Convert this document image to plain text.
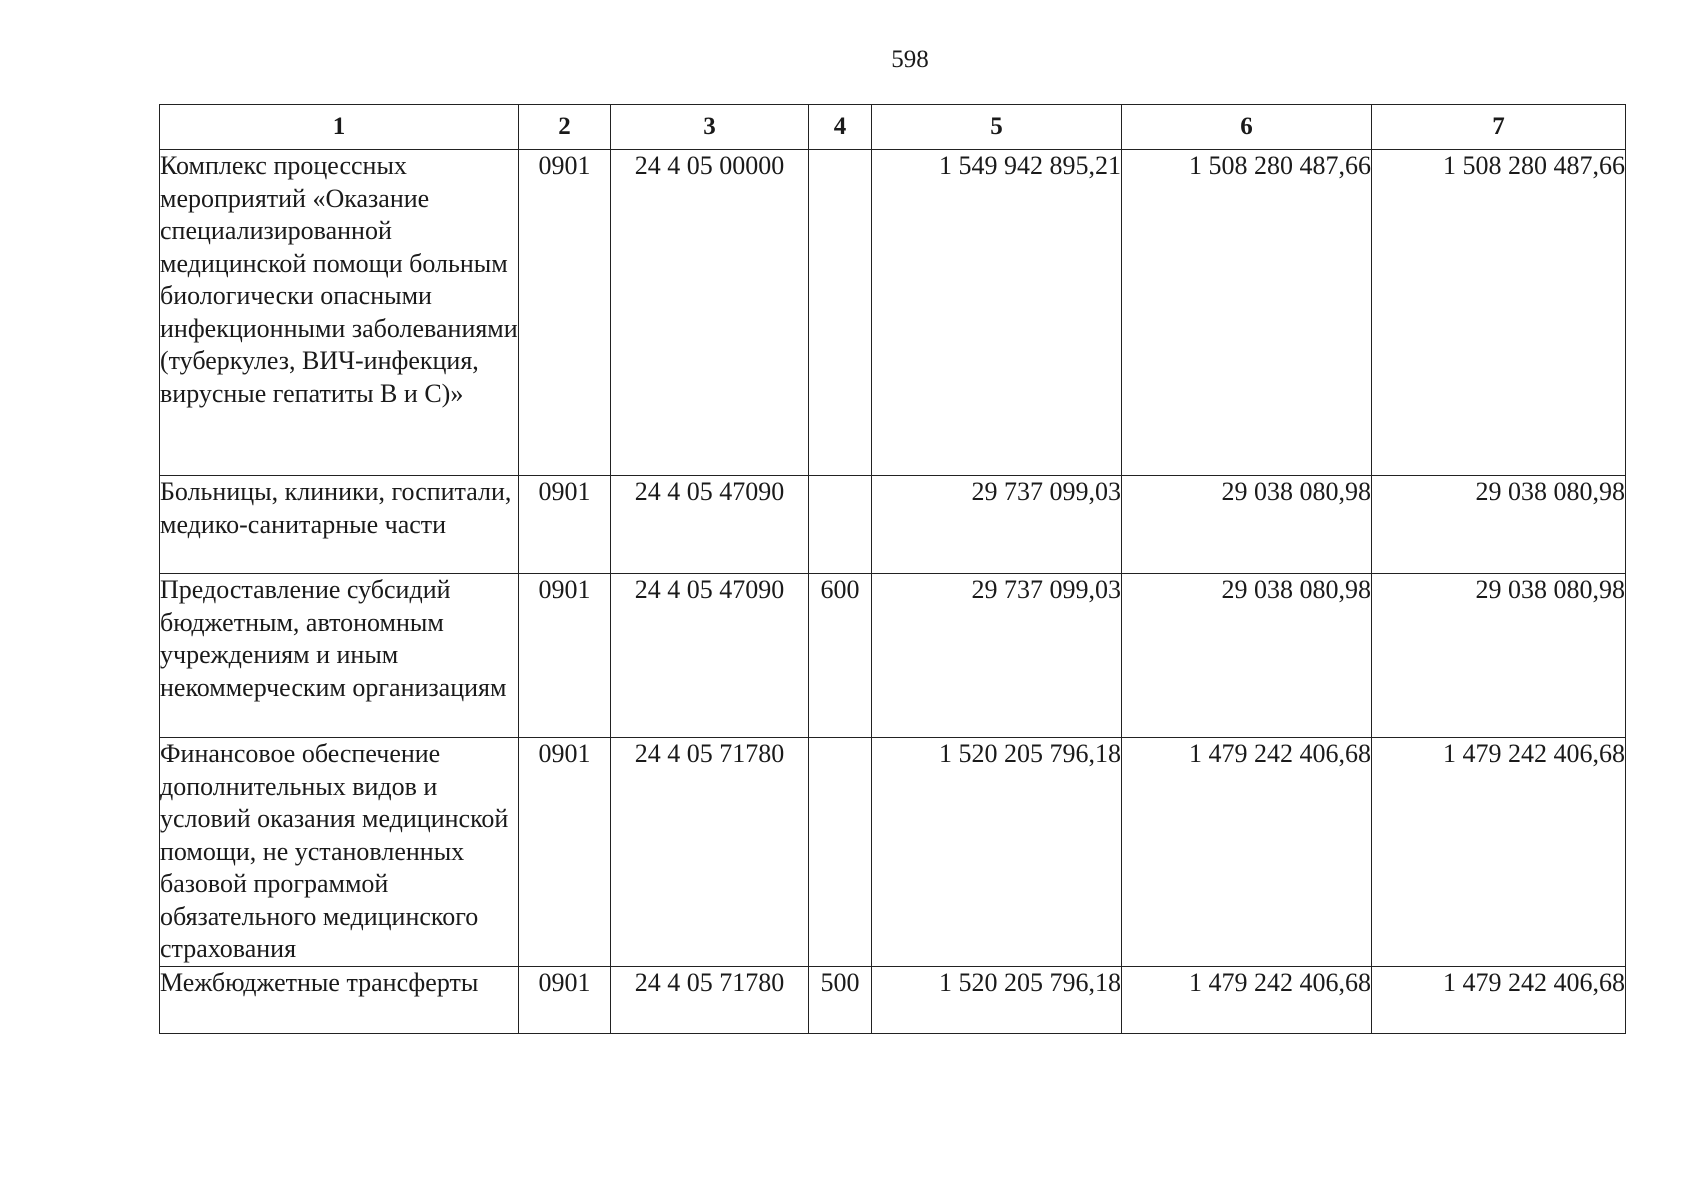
598
1	2	3	4	5	6	7
Комплекс процессных мероприятий «Оказание специализированной медицинской помощи больным биологически опасными инфекционными заболеваниями (туберкулез, ВИЧ-инфекция, вирусные гепатиты В и С)»	0901	24 4 05 00000		1 549 942 895,21	1 508 280 487,66	1 508 280 487,66
Больницы, клиники, госпитали, медико-санитарные части	0901	24 4 05 47090		29 737 099,03	29 038 080,98	29 038 080,98
Предоставление субсидий бюджетным, автономным учреждениям и иным некоммерческим организациям	0901	24 4 05 47090	600	29 737 099,03	29 038 080,98	29 038 080,98
Финансовое обеспечение дополнительных видов и условий оказания медицинской помощи, не установленных базовой программой обязательного медицинского страхования	0901	24 4 05 71780		1 520 205 796,18	1 479 242 406,68	1 479 242 406,68
Межбюджетные трансферты	0901	24 4 05 71780	500	1 520 205 796,18	1 479 242 406,68	1 479 242 406,68
